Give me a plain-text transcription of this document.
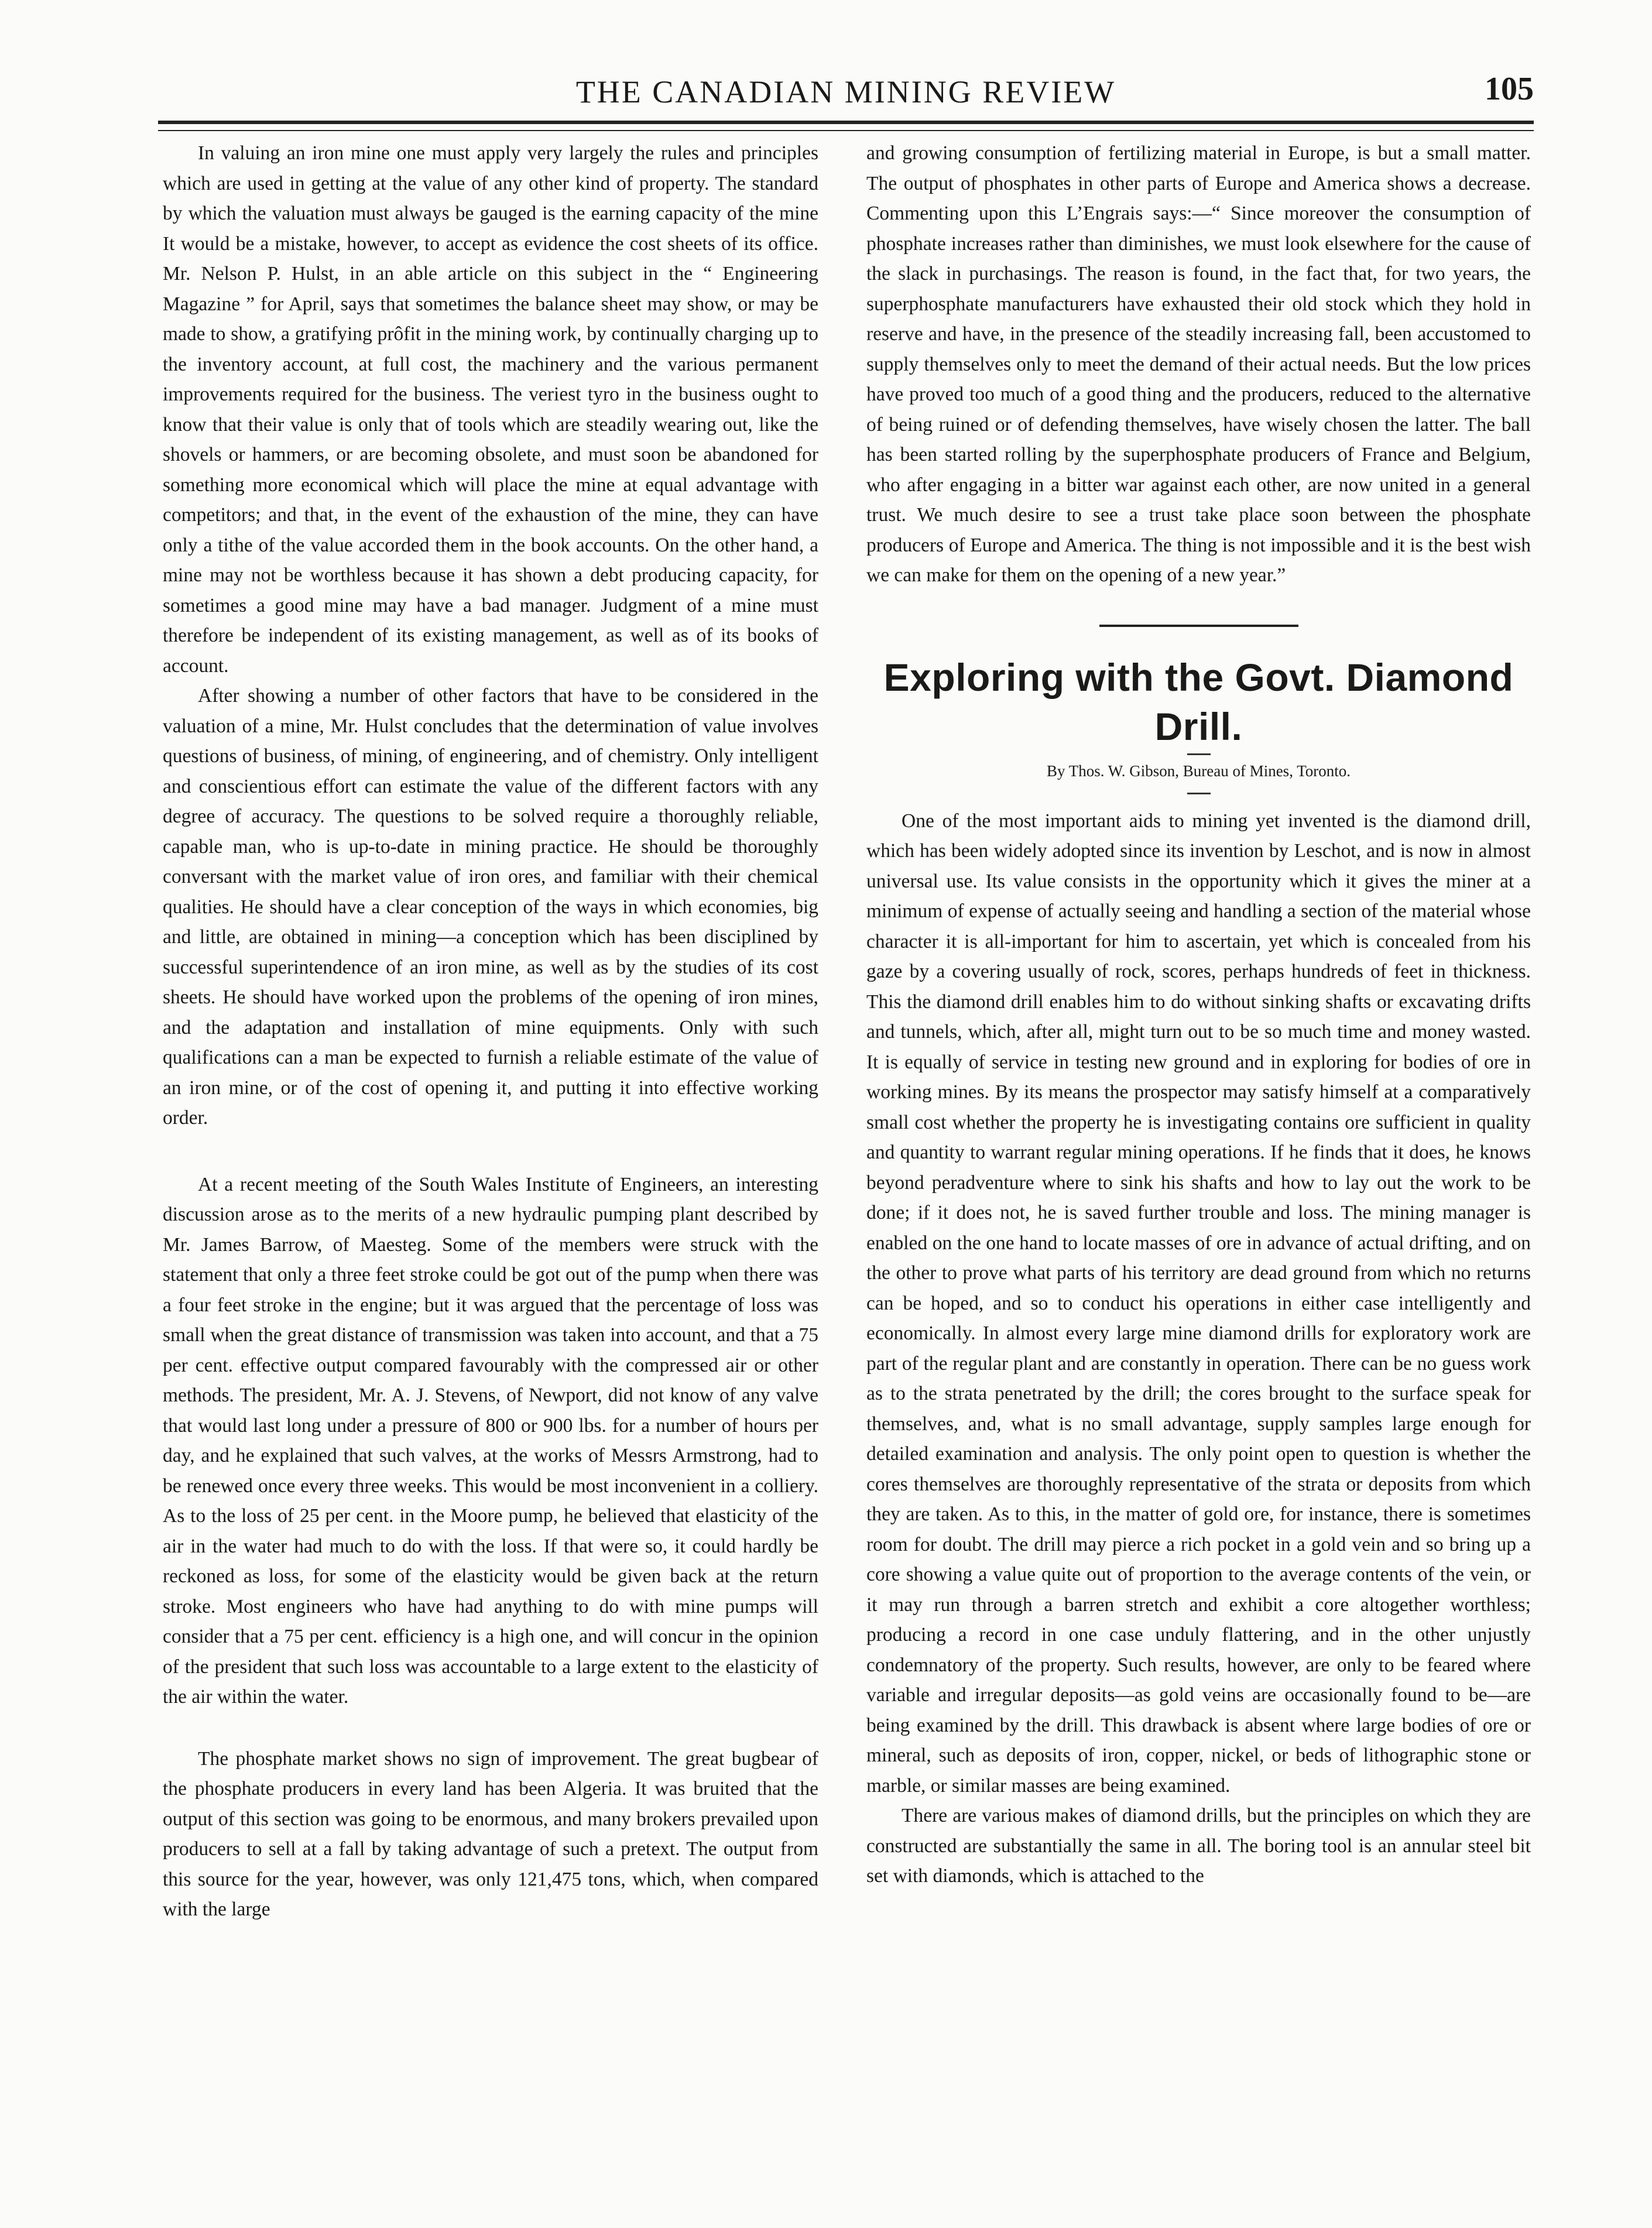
THE CANADIAN MINING REVIEW	105

In valuing an iron mine one must apply very largely the rules and principles which are used in getting at the value of any other kind of property. The standard by which the valuation must always be gauged is the earning capacity of the mine It would be a mistake, however, to accept as evidence the cost sheets of its office. Mr. Nelson P. Hulst, in an able article on this subject in the “ Engineering Magazine ” for April, says that sometimes the balance sheet may show, or may be made to show, a gratifying prôfit in the mining work, by continually charging up to the inventory account, at full cost, the machinery and the various permanent improvements required for the business. The veriest tyro in the business ought to know that their value is only that of tools which are steadily wearing out, like the shovels or hammers, or are becoming obsolete, and must soon be abandoned for something more economical which will place the mine at equal advantage with competitors; and that, in the event of the exhaustion of the mine, they can have only a tithe of the value accorded them in the book accounts. On the other hand, a mine may not be worthless because it has shown a debt producing capacity, for sometimes a good mine may have a bad manager. Judgment of a mine must therefore be independent of its existing management, as well as of its books of account.

After showing a number of other factors that have to be considered in the valuation of a mine, Mr. Hulst concludes that the determination of value involves questions of business, of mining, of engineering, and of chemistry. Only intelligent and conscientious effort can estimate the value of the different factors with any degree of accuracy. The questions to be solved require a thoroughly reliable, capable man, who is up-to-date in mining practice. He should be thoroughly conversant with the market value of iron ores, and familiar with their chemical qualities. He should have a clear conception of the ways in which economies, big and little, are obtained in mining—a conception which has been disciplined by successful superintendence of an iron mine, as well as by the studies of its cost sheets. He should have worked upon the problems of the opening of iron mines, and the adaptation and installation of mine equipments. Only with such qualifications can a man be expected to furnish a reliable estimate of the value of an iron mine, or of the cost of opening it, and putting it into effective working order.

At a recent meeting of the South Wales Institute of Engineers, an interesting discussion arose as to the merits of a new hydraulic pumping plant described by Mr. James Barrow, of Maesteg. Some of the members were struck with the statement that only a three feet stroke could be got out of the pump when there was a four feet stroke in the engine; but it was argued that the percentage of loss was small when the great distance of transmission was taken into account, and that a 75 per cent. effective output compared favourably with the compressed air or other methods. The president, Mr. A. J. Stevens, of Newport, did not know of any valve that would last long under a pressure of 800 or 900 lbs. for a number of hours per day, and he explained that such valves, at the works of Messrs Armstrong, had to be renewed once every three weeks. This would be most inconvenient in a colliery. As to the loss of 25 per cent. in the Moore pump, he believed that elasticity of the air in the water had much to do with the loss. If that were so, it could hardly be reckoned as loss, for some of the elasticity would be given back at the return stroke. Most engineers who have had anything to do with mine pumps will consider that a 75 per cent. efficiency is a high one, and will concur in the opinion of the president that such loss was accountable to a large extent to the elasticity of the air within the water.

The phosphate market shows no sign of improvement. The great bugbear of the phosphate producers in every land has been Algeria. It was bruited that the output of this section was going to be enormous, and many brokers prevailed upon producers to sell at a fall by taking advantage of such a pretext. The output from this source for the year, however, was only 121,475 tons, which, when compared with the large

and growing consumption of fertilizing material in Europe, is but a small matter. The output of phosphates in other parts of Europe and America shows a decrease. Commenting upon this L’Engrais says:—“ Since moreover the consumption of phosphate increases rather than diminishes, we must look elsewhere for the cause of the slack in purchasings. The reason is found, in the fact that, for two years, the superphosphate manufacturers have exhausted their old stock which they hold in reserve and have, in the presence of the steadily increasing fall, been accustomed to supply themselves only to meet the demand of their actual needs. But the low prices have proved too much of a good thing and the producers, reduced to the alternative of being ruined or of defending themselves, have wisely chosen the latter. The ball has been started rolling by the superphosphate producers of France and Belgium, who after engaging in a bitter war against each other, are now united in a general trust. We much desire to see a trust take place soon between the phosphate producers of Europe and America. The thing is not impossible and it is the best wish we can make for them on the opening of a new year.”

Exploring with the Govt. Diamond Drill.
By Thos. W. Gibson, Bureau of Mines, Toronto.

One of the most important aids to mining yet invented is the diamond drill, which has been widely adopted since its invention by Leschot, and is now in almost universal use. Its value consists in the opportunity which it gives the miner at a minimum of expense of actually seeing and handling a section of the material whose character it is all-important for him to ascertain, yet which is concealed from his gaze by a covering usually of rock, scores, perhaps hundreds of feet in thickness. This the diamond drill enables him to do without sinking shafts or excavating drifts and tunnels, which, after all, might turn out to be so much time and money wasted. It is equally of service in testing new ground and in exploring for bodies of ore in working mines. By its means the prospector may satisfy himself at a comparatively small cost whether the property he is investigating contains ore sufficient in quality and quantity to warrant regular mining operations. If he finds that it does, he knows beyond peradventure where to sink his shafts and how to lay out the work to be done; if it does not, he is saved further trouble and loss. The mining manager is enabled on the one hand to locate masses of ore in advance of actual drifting, and on the other to prove what parts of his territory are dead ground from which no returns can be hoped, and so to conduct his operations in either case intelligently and economically. In almost every large mine diamond drills for exploratory work are part of the regular plant and are constantly in operation. There can be no guess work as to the strata penetrated by the drill; the cores brought to the surface speak for themselves, and, what is no small advantage, supply samples large enough for detailed examination and analysis. The only point open to question is whether the cores themselves are thoroughly representative of the strata or deposits from which they are taken. As to this, in the matter of gold ore, for instance, there is sometimes room for doubt. The drill may pierce a rich pocket in a gold vein and so bring up a core showing a value quite out of proportion to the average contents of the vein, or it may run through a barren stretch and exhibit a core altogether worthless; producing a record in one case unduly flattering, and in the other unjustly condemnatory of the property. Such results, however, are only to be feared where variable and irregular deposits—as gold veins are occasionally found to be—are being examined by the drill. This drawback is absent where large bodies of ore or mineral, such as deposits of iron, copper, nickel, or beds of lithographic stone or marble, or similar masses are being examined.

There are various makes of diamond drills, but the principles on which they are constructed are substantially the same in all. The boring tool is an annular steel bit set with diamonds, which is attached to the
